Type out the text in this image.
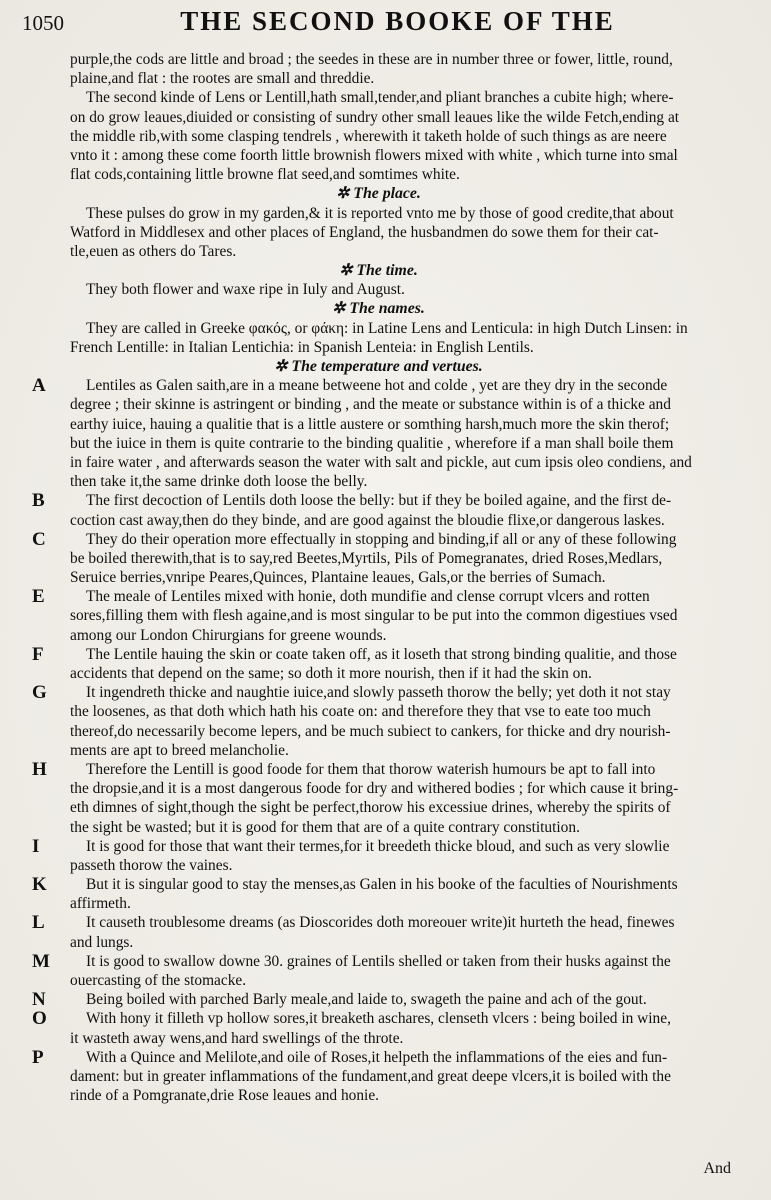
1050	THE SECOND BOOKE OF THE
purple,the cods are little and broad ; the seedes in these are in number three or fower, little, round,
plaine,and flat : the rootes are small and threddie.
The second kinde of Lens or Lentill,hath small,tender,and pliant branches a cubite high; where-
on do grow leaues,diuided or consisting of sundry other small leaues like the wilde Fetch,ending at
the middle rib,with some clasping tendrels , wherewith it taketh holde of such things as are neere
vnto it : among these come foorth little brownish flowers mixed with white , which turne into smal
flat cods,containing little browne flat seed,and somtimes white.
✲ The place.
These pulses do grow in my garden,& it is reported vnto me by those of good credite,that about
Watford in Middlesex and other places of England, the husbandmen do sowe them for their cat-
tle,euen as others do Tares.
✲ The time.
They both flower and waxe ripe in Iuly and August.
✲ The names.
They are called in Greeke φακός, or φάκη: in Latine Lens and Lenticula: in high Dutch Linsen: in
French Lentille: in Italian Lentichia: in Spanish Lenteia: in English Lentils.
✲ The temperature and vertues.
A	Lentiles as Galen saith,are in a meane betweene hot and colde , yet are they dry in the seconde
degree ; their skinne is astringent or binding , and the meate or substance within is of a thicke and
earthy iuice, hauing a qualitie that is a little austere or somthing harsh,much more the skin therof;
but the iuice in them is quite contrarie to the binding qualitie , wherefore if a man shall boile them
in faire water , and afterwards season the water with salt and pickle, aut cum ipsis oleo condiens, and
then take it,the same drinke doth loose the belly.
B	The first decoction of Lentils doth loose the belly: but if they be boiled againe, and the first de-
coction cast away,then do they binde, and are good against the bloudie flixe,or dangerous laskes.
C	They do their operation more effectually in stopping and binding,if all or any of these following
be boiled therewith,that is to say,red Beetes,Myrtils, Pils of Pomegranates, dried Roses,Medlars,
Seruice berries,vnripe Peares,Quinces, Plantaine leaues, Gals,or the berries of Sumach.
E	The meale of Lentiles mixed with honie, doth mundifie and clense corrupt vlcers and rotten
sores,filling them with flesh againe,and is most singular to be put into the common digestiues vsed
among our London Chirurgians for greene wounds.
F	The Lentile hauing the skin or coate taken off, as it loseth that strong binding qualitie, and those
accidents that depend on the same; so doth it more nourish, then if it had the skin on.
G	It ingendreth thicke and naughtie iuice,and slowly passeth thorow the belly; yet doth it not stay
the loosenes, as that doth which hath his coate on: and therefore they that vse to eate too much
thereof,do necessarily become lepers, and be much subiect to cankers, for thicke and dry nourish-
ments are apt to breed melancholie.
H	Therefore the Lentill is good foode for them that thorow waterish humours be apt to fall into
the dropsie,and it is a most dangerous foode for dry and withered bodies ; for which cause it bring-
eth dimnes of sight,though the sight be perfect,thorow his excessiue drines, whereby the spirits of
the sight be wasted; but it is good for them that are of a quite contrary constitution.
I	It is good for those that want their termes,for it breedeth thicke bloud, and such as very slowlie
passeth thorow the vaines.
K	But it is singular good to stay the menses,as Galen in his booke of the faculties of Nourishments
affirmeth.
L	It causeth troublesome dreams (as Dioscorides doth moreouer write)it hurteth the head, finewes
and lungs.
M It is good to swallow downe 30. graines of Lentils shelled or taken from their husks against the
ouercasting of the stomacke.
N	Being boiled with parched Barly meale,and laide to, swageth the paine and ach of the gout.
O	With hony it filleth vp hollow sores,it breaketh aschares, clenseth vlcers : being boiled in wine,
it wasteth away wens,and hard swellings of the throte.
P	With a Quince and Melilote,and oile of Roses,it helpeth the inflammations of the eies and fun-
dament: but in greater inflammations of the fundament,and great deepe vlcers,it is boiled with the
rinde of a Pomgranate,drie Rose leaues and honie.
And
